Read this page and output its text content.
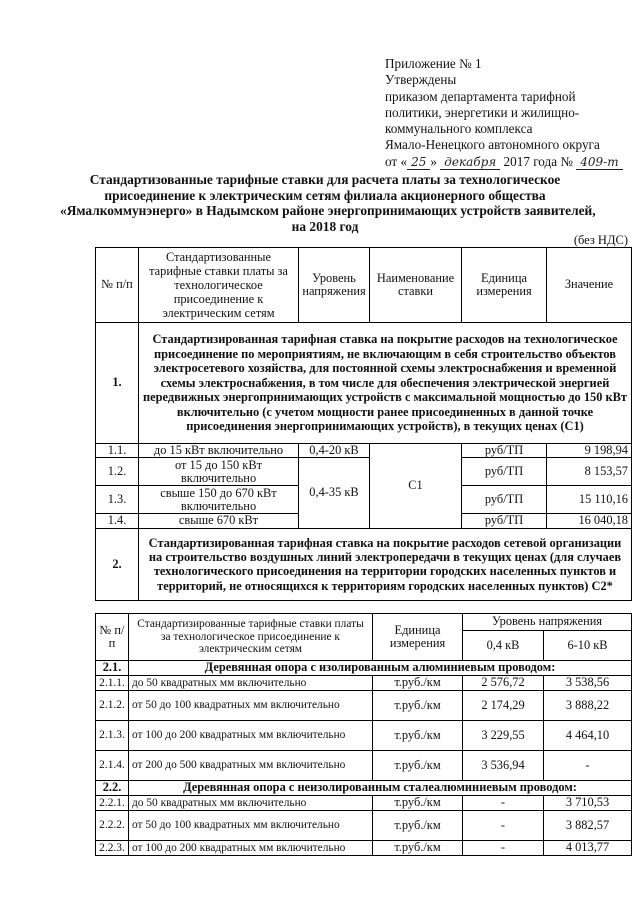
Приложение № 1
Утверждены
приказом департамента тарифной
политики, энергетики и жилищно-
коммунального комплекса
Ямало-Ненецкого автономного округа
от « 25 » декабря 2017 года № 409-т
Стандартизованные тарифные ставки для расчета платы за технологическое
присоединение к электрическим сетям филиала акционерного общества
«Ямалкоммунэнерго» в Надымском районе энергопринимающих устройств заявителей,
на 2018 год
(без НДС)
№ п/п	Стандартизованные тарифные ставки платы за технологическое присоединение к электрическим сетям	Уровень напряжения	Наименование ставки	Единица измерения	Значение
1.	Стандартизированная тарифная ставка на покрытие расходов на технологическое присоединение по мероприятиям, не включающим в себя строительство объектов электросетевого хозяйства, для постоянной схемы электроснабжения и временной схемы электроснабжения, в том числе для обеспечения электрической энергией передвижных энергопринимающих устройств с максимальной мощностью до 150 кВт включительно (с учетом мощности ранее присоединенных в данной точке присоединения энергопринимающих устройств), в текущих ценах (С1)				
1.1.	до 15 кВт включительно	0,4-20 кВ	С1	руб/ТП	9 198,94
1.2.	от 15 до 150 кВт включительно	0,4-35 кВ		руб/ТП	8 153,57
1.3.	свыше 150 до 670 кВт включительно			руб/ТП	15 110,16
1.4.	свыше 670 кВт			руб/ТП	16 040,18
2.	Стандартизированная тарифная ставка на покрытие расходов сетевой организации на строительство воздушных линий электропередачи в текущих ценах (для случаев технологического присоединения на территории городских населенных пунктов и территорий, не относящихся к территориям городских населенных пунктов) С2*				
№ п/п	Стандартизированные тарифные ставки платы за технологическое присоединение к электрическим сетям	Единица измерения	Уровень напряжения	
			0,4 кВ	6-10 кВ
2.1.	Деревянная опора с изолированным алюминиевым проводом:			
2.1.1.	до 50 квадратных мм включительно	т.руб./км	2 576,72	3 538,56
2.1.2.	от 50 до 100 квадратных мм включительно	т.руб./км	2 174,29	3 888,22
2.1.3.	от 100 до 200 квадратных мм включительно	т.руб./км	3 229,55	4 464,10
2.1.4.	от 200 до 500 квадратных мм включительно	т.руб./км	3 536,94	-
2.2.	Деревянная опора с неизолированным сталеалюминиевым проводом:			
2.2.1.	до 50 квадратных мм включительно	т.руб./км	-	3 710,53
2.2.2.	от 50 до 100 квадратных мм включительно	т.руб./км	-	3 882,57
2.2.3.	от 100 до 200 квадратных мм включительно	т.руб./км	-	4 013,77
